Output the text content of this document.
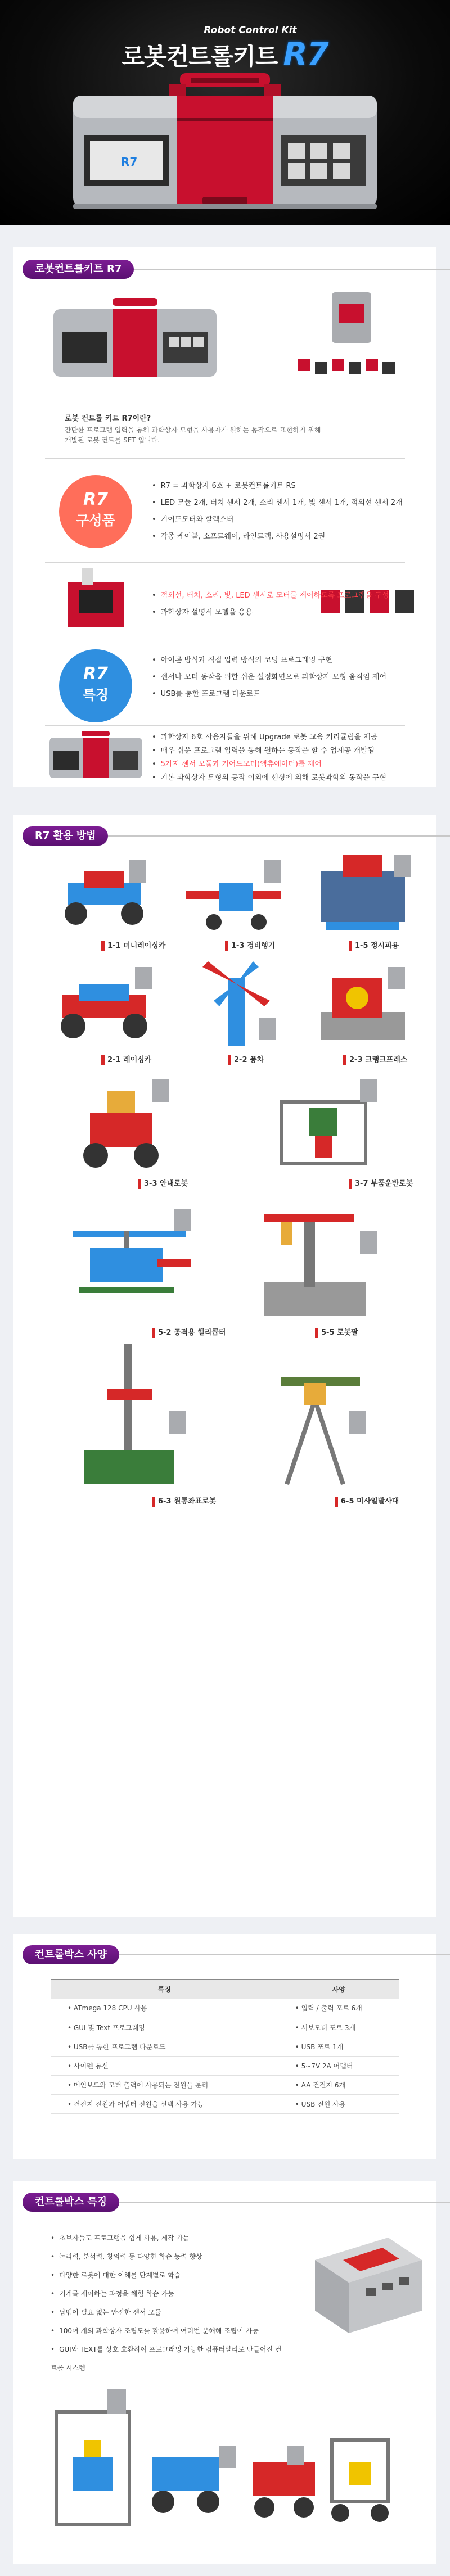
Robot Control Kit
로봇컨트롤키트 R7
R7
로봇컨트롤키트 R7
로봇 컨트롤 키트 R7이란?
간단한 프로그램 입력을 통해 과학상자 모형을 사용자가 원하는 동작으로 표현하기 위해
개발된 로봇 컨트롤 SET 입니다.
R7
구성품
• R7 = 과학상자 6호 + 로봇컨트롤키트 RS
• LED 모듈 2개, 터치 센서 2개, 소리 센서 1개, 빛 센서 1개, 적외선 센서 2개
• 기어드모터와 할렉스터
• 각종 케이블, 소프트웨어, 라인트랙, 사용설명서 2권
• 적외선, 터치, 소리, 빛, LED 센서로 모터를 제어하도록 프로그램을 구성
• 과학상자 설명서 모델을 응용
R7
특징
• 아이콘 방식과 직접 입력 방식의 코딩 프로그래밍 구현
• 센서나 모터 동작을 위한 쉬운 설정화면으로 과학상자 모형 움직임 제어
• USB를 통한 프로그램 다운로드
• 과학상자 6호 사용자들을 위해 Upgrade 로봇 교육 커리큘럼을 제공
• 매우 쉬운 프로그램 입력을 통해 원하는 동작을 할 수 업계공 개발됨
• 5가지 센서 모듈과 기어드모터(액츄에이터)를 제어
• 기본 과학상자 모형의 동작 이외에 센싱에 의해 로봇과학의 동작을 구현
R7 활용 방법
1-1 미니레이싱카	1-3 경비행기	1-5 정시피용
2-1 레이싱카	2-2 풍차	2-3 크랭크프레스
3-3 안내로봇	3-7 부품운반로봇
5-2 공격용 헬리콥터	5-5 로봇팔
6-3 원통좌표로봇	6-5 미사일발사대
컨트롤박스 사양
특징	사양
• ATmega 128 CPU 사용	• 입력 / 출력 포트 6개
• GUI 및 Text 프로그래밍	• 서보모터 포트 3개
• USB를 통한 프로그램 다운로드	• USB 포트 1개
• 사이렌 통신	• 5~7V 2A 어댑터
• 메인보드와 모터 출력에 사용되는 전원을 분리	• AA 건전지 6개
• 건전지 전원과 어댑터 전원을 선택 사용 가능	• USB 전원 사용
컨트롤박스 특징
• 초보자들도 프로그램을 쉽게 사용, 제작 가능
• 논리력, 분석력, 창의력 등 다양한 학습 능력 향상
• 다양한 로봇에 대한 이해를 단계별로 학습
• 기계를 제어하는 과정을 체험 학습 가능
• 납땜이 필요 없는 안전한 센서 모듈
• 100여 개의 과학상자 조립도를 활용하여 여러번 분해해 조립이 가능
• GUI와 TEXT를 상호 호환하여 프로그래밍 가능한 컴퓨터알리로 만들어진 컨트롤 시스템
